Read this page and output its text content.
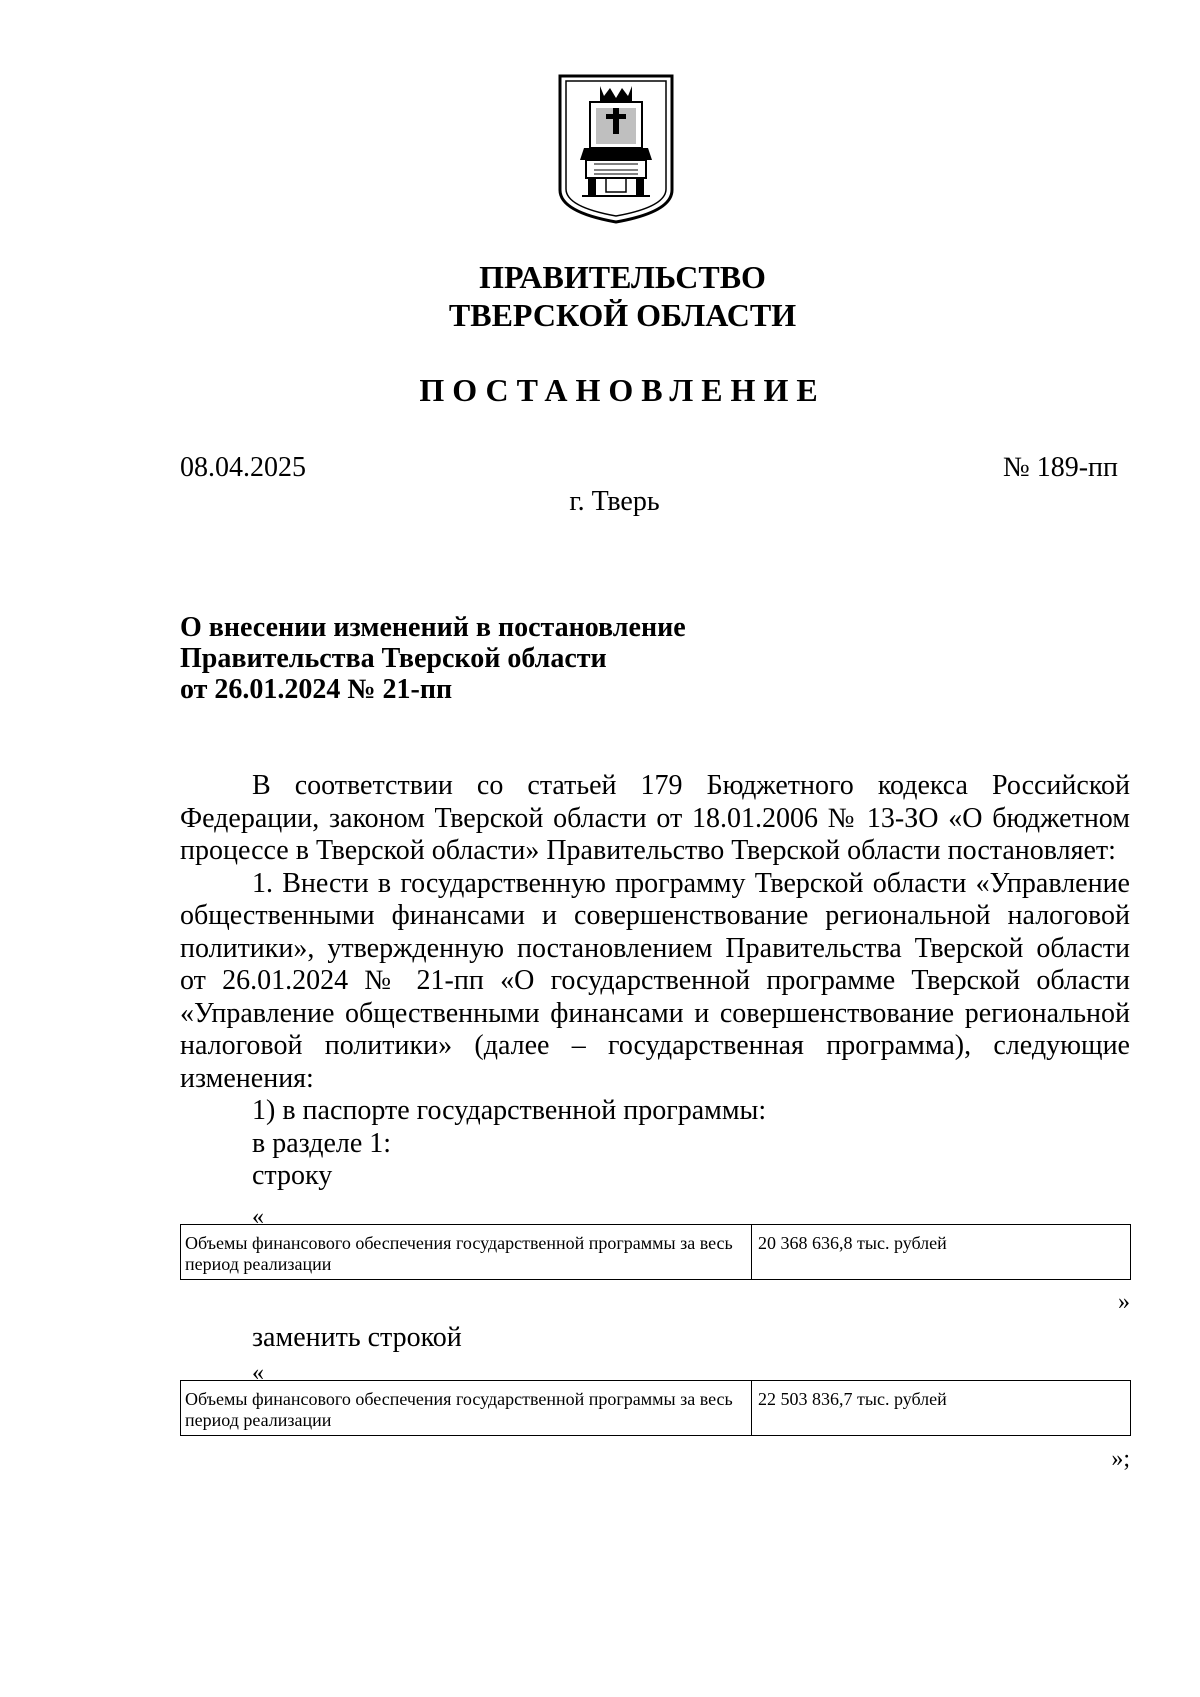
ПРАВИТЕЛЬСТВО
ТВЕРСКОЙ ОБЛАСТИ
ПОСТАНОВЛЕНИЕ
08.04.2025	№ 189-пп
г. Тверь
О внесении изменений в постановление
Правительства Тверской области
от 26.01.2024 № 21-пп

В соответствии со статьей 179 Бюджетного кодекса Российской Федерации, законом Тверской области от 18.01.2006 № 13-ЗО «О бюджетном процессе в Тверской области» Правительство Тверской области постановляет:

1. Внести в государственную программу Тверской области «Управление общественными финансами и совершенствование региональной налоговой политики», утвержденную постановлением Правительства Тверской области от 26.01.2024 № 21-пп «О государственной программе Тверской области «Управление общественными финансами и совершенствование региональной налоговой политики» (далее – государственная программа), следующие изменения:

1) в паспорте государственной программы:

в разделе 1:

строку

«
Объемы финансового обеспечения государственной программы за весь период реализации	20 368 636,8 тыс. рублей
»
заменить строкой
«
Объемы финансового обеспечения государственной программы за весь период реализации	22 503 836,7 тыс. рублей
»;
